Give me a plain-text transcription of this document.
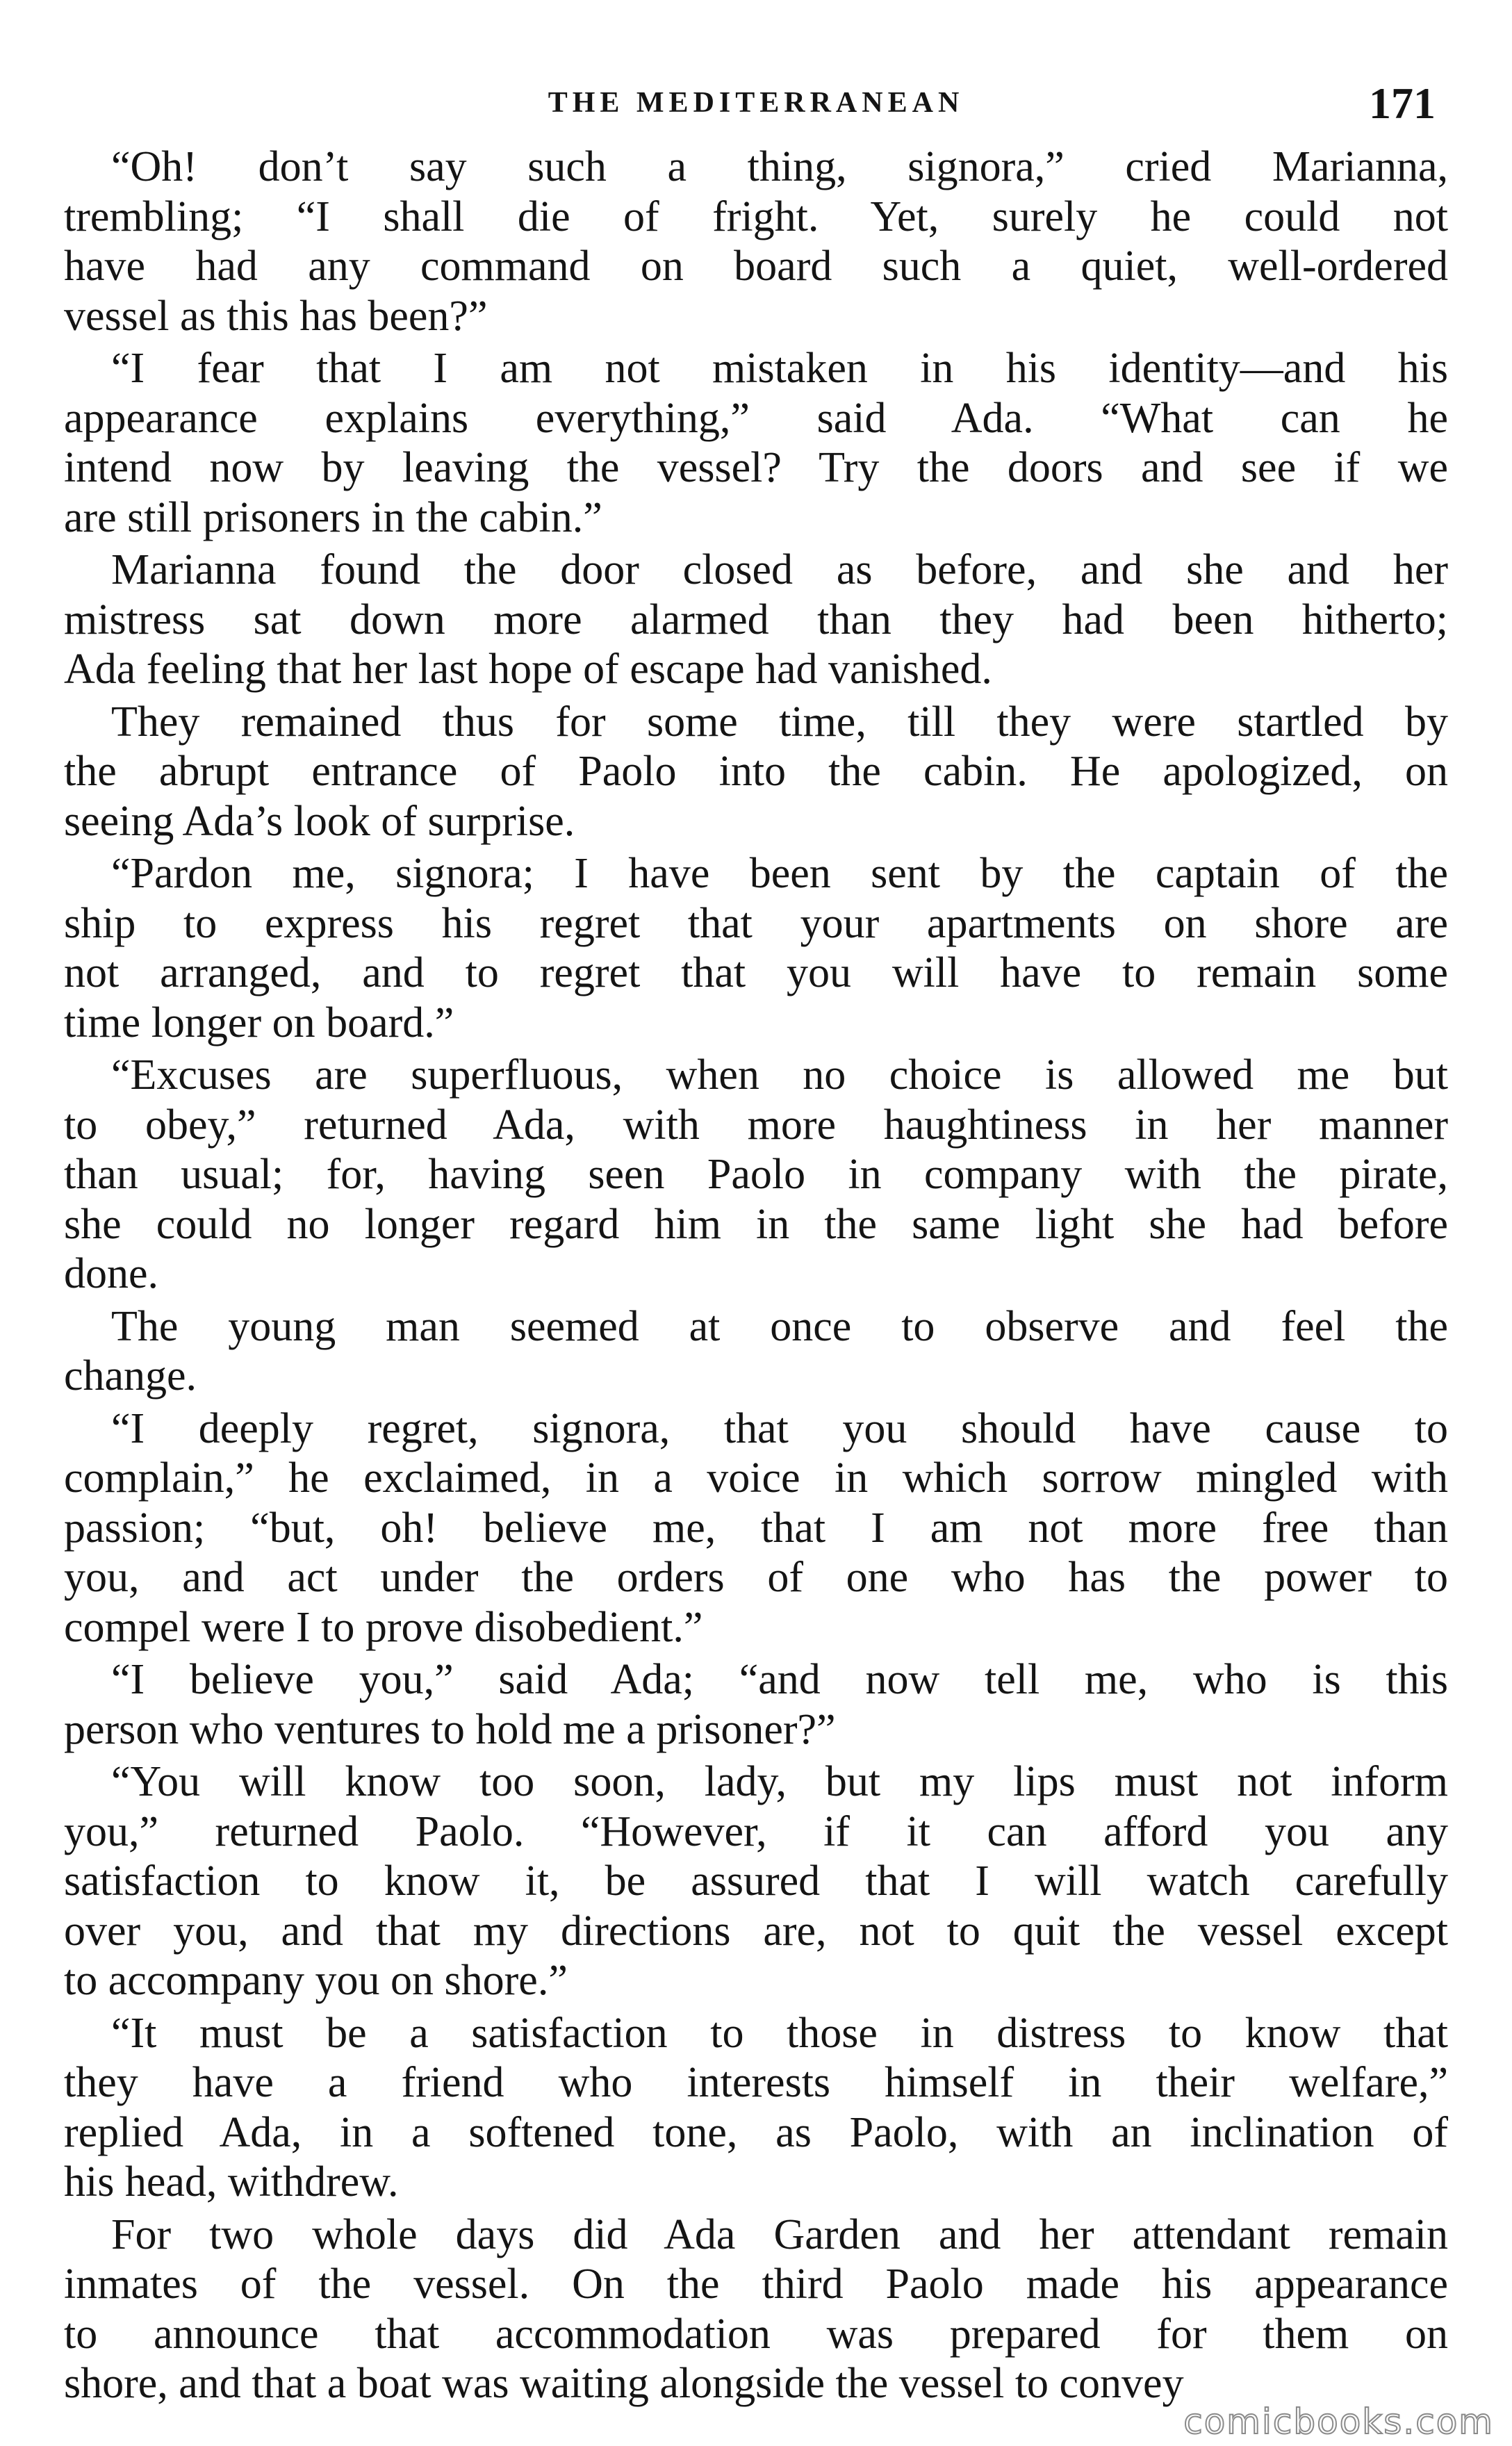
THE MEDITERRANEAN	171
“Oh! don’t say such a thing, signora,” cried Marianna,
trembling; “I shall die of fright. Yet, surely he could not
have had any command on board such a quiet, well-ordered
vessel as this has been?”
“I fear that I am not mistaken in his identity—and his
appearance explains everything,” said Ada. “What can he
intend now by leaving the vessel? Try the doors and see if we
are still prisoners in the cabin.”
Marianna found the door closed as before, and she and her
mistress sat down more alarmed than they had been hitherto;
Ada feeling that her last hope of escape had vanished.
They remained thus for some time, till they were startled by
the abrupt entrance of Paolo into the cabin. He apologized, on
seeing Ada’s look of surprise.
“Pardon me, signora; I have been sent by the captain of the
ship to express his regret that your apartments on shore are
not arranged, and to regret that you will have to remain some
time longer on board.”
“Excuses are superfluous, when no choice is allowed me but
to obey,” returned Ada, with more haughtiness in her manner
than usual; for, having seen Paolo in company with the pirate,
she could no longer regard him in the same light she had before
done.
The young man seemed at once to observe and feel the
change.
“I deeply regret, signora, that you should have cause to
complain,” he exclaimed, in a voice in which sorrow mingled with
passion; “but, oh! believe me, that I am not more free than
you, and act under the orders of one who has the power to
compel were I to prove disobedient.”
“I believe you,” said Ada; “and now tell me, who is this
person who ventures to hold me a prisoner?”
“You will know too soon, lady, but my lips must not inform
you,” returned Paolo. “However, if it can afford you any
satisfaction to know it, be assured that I will watch carefully
over you, and that my directions are, not to quit the vessel except
to accompany you on shore.”
“It must be a satisfaction to those in distress to know that
they have a friend who interests himself in their welfare,”
replied Ada, in a softened tone, as Paolo, with an inclination of
his head, withdrew.
For two whole days did Ada Garden and her attendant remain
inmates of the vessel. On the third Paolo made his appearance
to announce that accommodation was prepared for them on
shore, and that a boat was waiting alongside the vessel to convey
comicbooks.com
